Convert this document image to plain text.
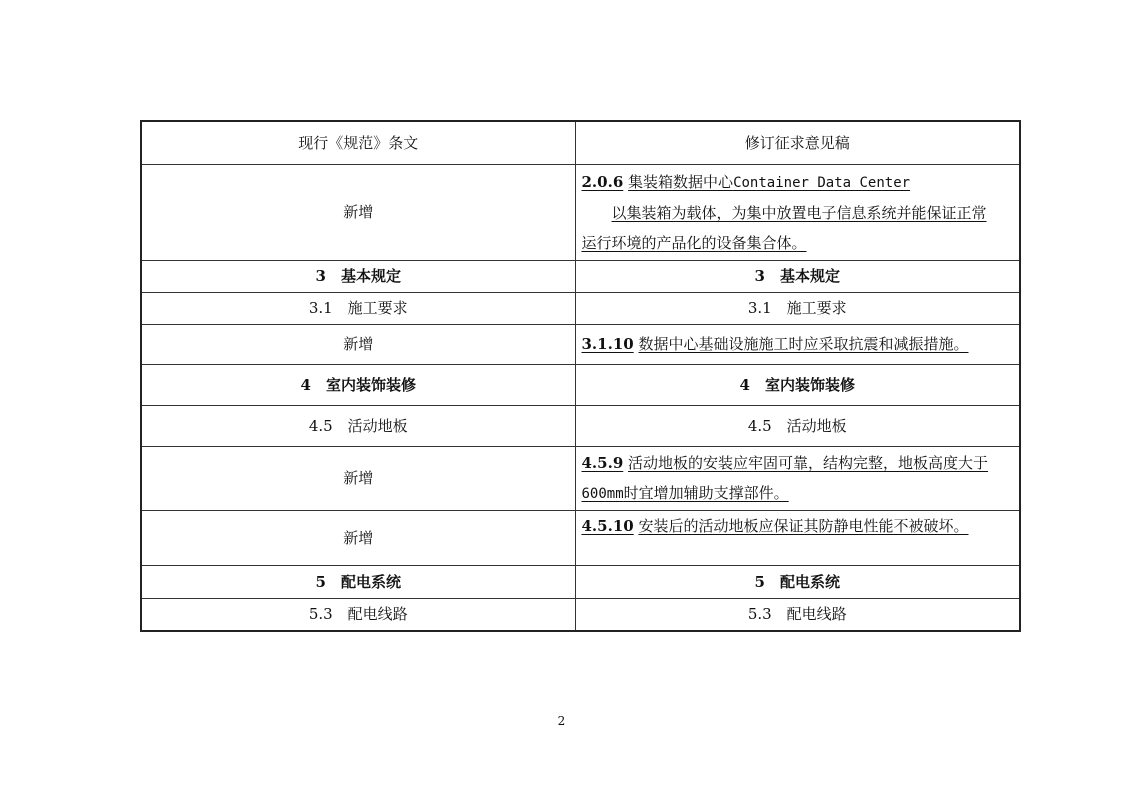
现行《规范》条文	修订征求意见稿
新增	2.0.6 集装箱数据中心Container Data Center
以集装箱为载体，为集中放置电子信息系统并能保证正常
运行环境的产品化的设备集合体。

3　基本规定	3　基本规定
3.1　施工要求	3.1　施工要求
新增	3.1.10 数据中心基础设施施工时应采取抗震和减振措施。
4　室内装饰装修	4　室内装饰装修
4.5　活动地板	4.5　活动地板
新增	4.5.9 活动地板的安装应牢固可靠，结构完整，地板高度大于
600mm时宜增加辅助支撑部件。

新增	4.5.10 安装后的活动地板应保证其防静电性能不被破坏。
5　配电系统	5　配电系统
5.3　配电线路	5.3　配电线路
2
